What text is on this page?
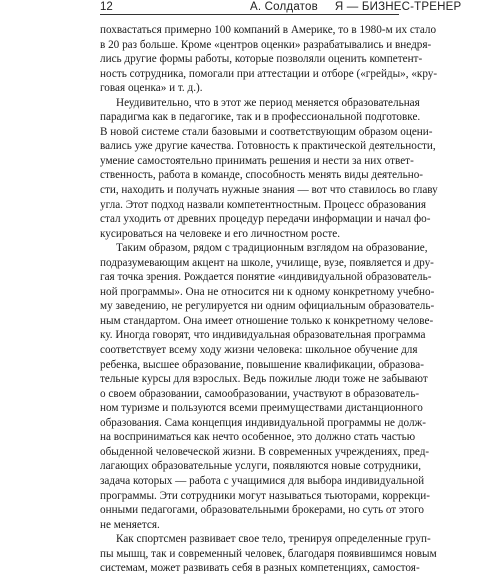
12	А. Солдатов     Я — БИЗНЕС-ТРЕНЕР
похвастаться примерно 100 компаний в Америке, то в 1980-м их стало
в 20 раз больше. Кроме «центров оценки» разрабатывались и внедря-
лись другие формы работы, которые позволяли оценить компетент-
ность сотрудника, помогали при аттестации и отборе («грейды», «кру-
говая оценка» и т. д.).
Неудивительно, что в этот же период меняется образовательная
парадигма как в педагогике, так и в профессиональной подготовке.
В новой системе стали базовыми и соответствующим образом оцени-
вались уже другие качества. Готовность к практической деятельности,
умение самостоятельно принимать решения и нести за них ответ-
ственность, работа в команде, способность менять виды деятельно-
сти, находить и получать нужные знания — вот что ставилось во главу
угла. Этот подход назвали компетентностным. Процесс образования
стал уходить от древних процедур передачи информации и начал фо-
кусироваться на человеке и его личностном росте.
Таким образом, рядом с традиционным взглядом на образование,
подразумевающим акцент на школе, училище, вузе, появляется и дру-
гая точка зрения. Рождается понятие «индивидуальной образователь-
ной программы». Она не относится ни к одному конкретному учебно-
му заведению, не регулируется ни одним официальным образователь-
ным стандартом. Она имеет отношение только к конкретному челове-
ку. Иногда говорят, что индивидуальная образовательная программа
соответствует всему ходу жизни человека: школьное обучение для
ребенка, высшее образование, повышение квалификации, образова-
тельные курсы для взрослых. Ведь пожилые люди тоже не забывают
о своем образовании, самообразовании, участвуют в образователь-
ном туризме и пользуются всеми преимуществами дистанционного
образования. Сама концепция индивидуальной программы не долж-
на восприниматься как нечто особенное, это должно стать частью
обыденной человеческой жизни. В современных учреждениях, пред-
лагающих образовательные услуги, появляются новые сотрудники,
задача которых — работа с учащимися для выбора индивидуальной
программы. Эти сотрудники могут называться тьюторами, коррекци-
онными педагогами, образовательными брокерами, но суть от этого
не меняется.
Как спортсмен развивает свое тело, тренируя определенные груп-
пы мышц, так и современный человек, благодаря появившимся новым
системам, может развивать себя в разных компетенциях, самостоя-
